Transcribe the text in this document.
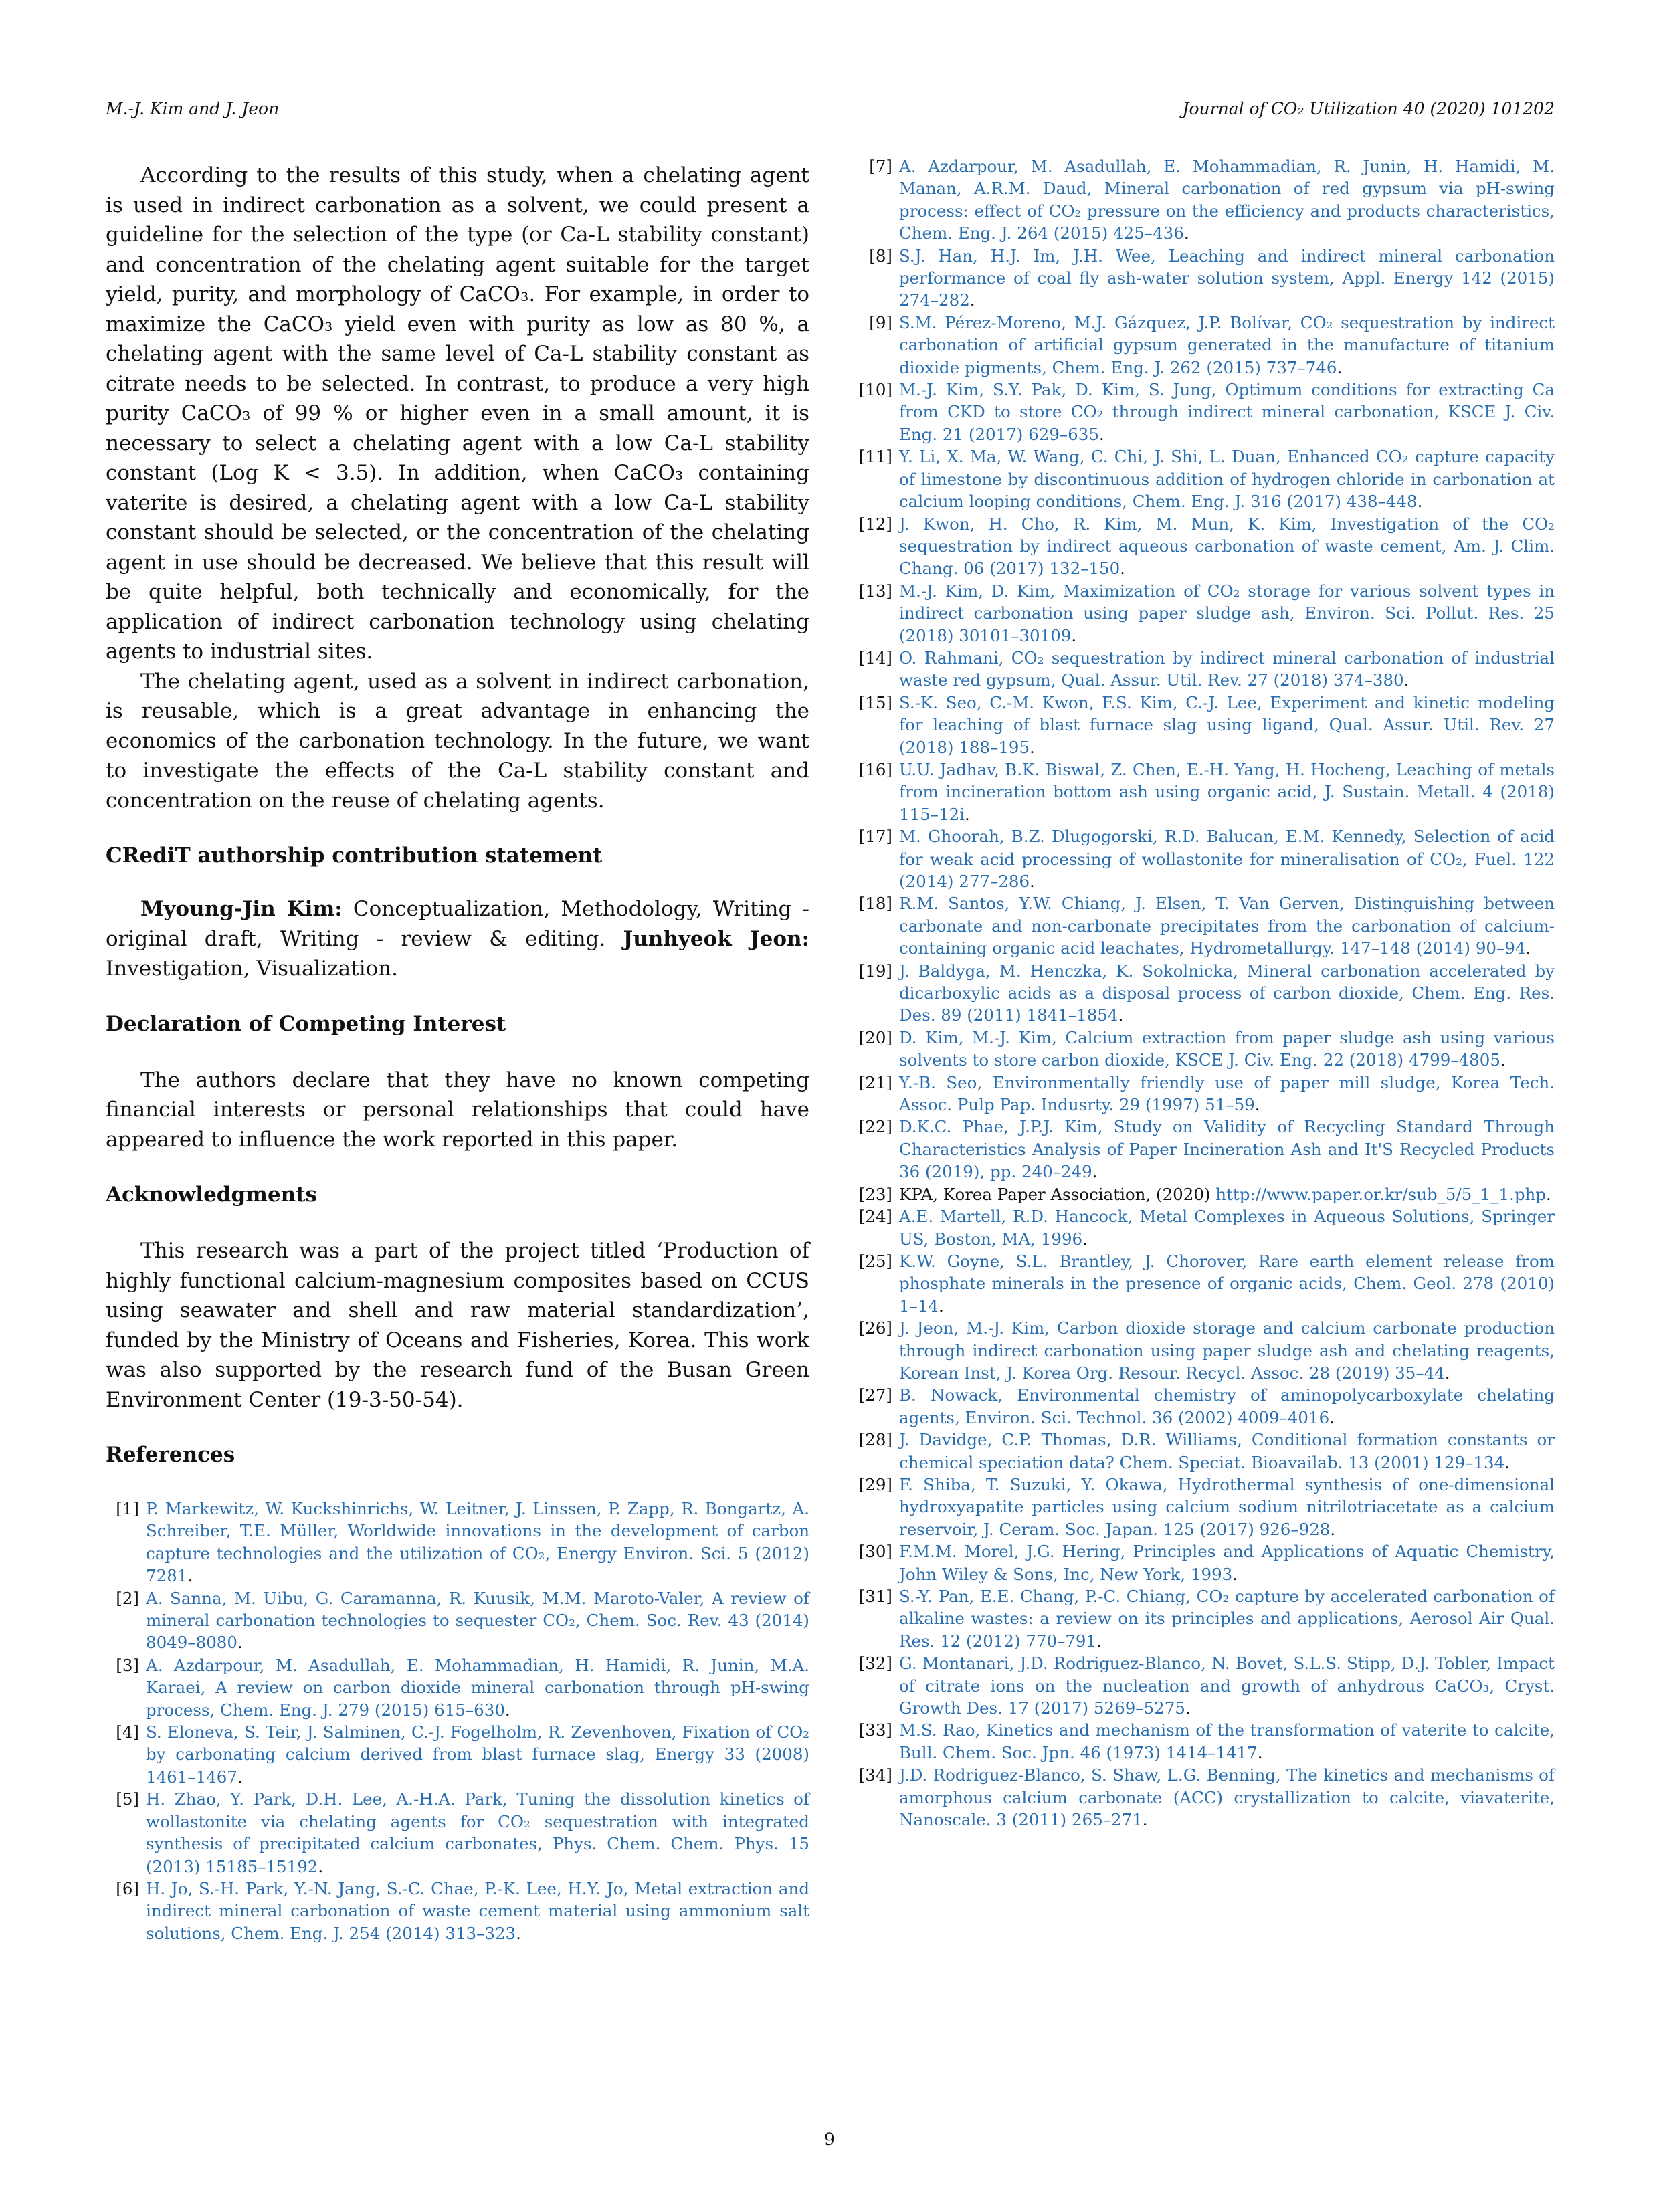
M.-J. Kim and J. Jeon	Journal of CO₂ Utilization 40 (2020) 101202

According to the results of this study, when a chelating agent is used in indirect carbonation as a solvent, we could present a guideline for the selection of the type (or Ca-L stability constant) and concentration of the chelating agent suitable for the target yield, purity, and morphology of CaCO₃. For example, in order to maximize the CaCO₃ yield even with purity as low as 80 %, a chelating agent with the same level of Ca-L stability constant as citrate needs to be selected. In contrast, to produce a very high purity CaCO₃ of 99 % or higher even in a small amount, it is necessary to select a chelating agent with a low Ca-L stability constant (Log K < 3.5). In addition, when CaCO₃ containing vaterite is desired, a chelating agent with a low Ca-L stability constant should be selected, or the concentration of the chelating agent in use should be decreased. We believe that this result will be quite helpful, both technically and economically, for the application of indirect carbonation technology using chelating agents to industrial sites.

The chelating agent, used as a solvent in indirect carbonation, is reusable, which is a great advantage in enhancing the economics of the carbonation technology. In the future, we want to investigate the effects of the Ca-L stability constant and concentration on the reuse of chelating agents.

CRediT authorship contribution statement

Myoung-Jin Kim: Conceptualization, Methodology, Writing - original draft, Writing - review & editing. Junhyeok Jeon: Investigation, Visualization.

Declaration of Competing Interest

The authors declare that they have no known competing financial interests or personal relationships that could have appeared to influence the work reported in this paper.

Acknowledgments

This research was a part of the project titled ‘Production of highly functional calcium-magnesium composites based on CCUS using seawater and shell and raw material standardization’, funded by the Ministry of Oceans and Fisheries, Korea. This work was also supported by the research fund of the Busan Green Environment Center (19-3-50-54).

References

[1] P. Markewitz, W. Kuckshinrichs, W. Leitner, J. Linssen, P. Zapp, R. Bongartz, A. Schreiber, T.E. Müller, Worldwide innovations in the development of carbon capture technologies and the utilization of CO₂, Energy Environ. Sci. 5 (2012) 7281.
[2] A. Sanna, M. Uibu, G. Caramanna, R. Kuusik, M.M. Maroto-Valer, A review of mineral carbonation technologies to sequester CO₂, Chem. Soc. Rev. 43 (2014) 8049–8080.
[3] A. Azdarpour, M. Asadullah, E. Mohammadian, H. Hamidi, R. Junin, M.A. Karaei, A review on carbon dioxide mineral carbonation through pH-swing process, Chem. Eng. J. 279 (2015) 615–630.
[4] S. Eloneva, S. Teir, J. Salminen, C.-J. Fogelholm, R. Zevenhoven, Fixation of CO₂ by carbonating calcium derived from blast furnace slag, Energy 33 (2008) 1461–1467.
[5] H. Zhao, Y. Park, D.H. Lee, A.-H.A. Park, Tuning the dissolution kinetics of wollastonite via chelating agents for CO₂ sequestration with integrated synthesis of precipitated calcium carbonates, Phys. Chem. Chem. Phys. 15 (2013) 15185–15192.
[6] H. Jo, S.-H. Park, Y.-N. Jang, S.-C. Chae, P.-K. Lee, H.Y. Jo, Metal extraction and indirect mineral carbonation of waste cement material using ammonium salt solutions, Chem. Eng. J. 254 (2014) 313–323.
[7] A. Azdarpour, M. Asadullah, E. Mohammadian, R. Junin, H. Hamidi, M. Manan, A.R.M. Daud, Mineral carbonation of red gypsum via pH-swing process: effect of CO₂ pressure on the efficiency and products characteristics, Chem. Eng. J. 264 (2015) 425–436.
[8] S.J. Han, H.J. Im, J.H. Wee, Leaching and indirect mineral carbonation performance of coal fly ash-water solution system, Appl. Energy 142 (2015) 274–282.
[9] S.M. Pérez-Moreno, M.J. Gázquez, J.P. Bolívar, CO₂ sequestration by indirect carbonation of artificial gypsum generated in the manufacture of titanium dioxide pigments, Chem. Eng. J. 262 (2015) 737–746.
[10] M.-J. Kim, S.Y. Pak, D. Kim, S. Jung, Optimum conditions for extracting Ca from CKD to store CO₂ through indirect mineral carbonation, KSCE J. Civ. Eng. 21 (2017) 629–635.
[11] Y. Li, X. Ma, W. Wang, C. Chi, J. Shi, L. Duan, Enhanced CO₂ capture capacity of limestone by discontinuous addition of hydrogen chloride in carbonation at calcium looping conditions, Chem. Eng. J. 316 (2017) 438–448.
[12] J. Kwon, H. Cho, R. Kim, M. Mun, K. Kim, Investigation of the CO₂ sequestration by indirect aqueous carbonation of waste cement, Am. J. Clim. Chang. 06 (2017) 132–150.
[13] M.-J. Kim, D. Kim, Maximization of CO₂ storage for various solvent types in indirect carbonation using paper sludge ash, Environ. Sci. Pollut. Res. 25 (2018) 30101–30109.
[14] O. Rahmani, CO₂ sequestration by indirect mineral carbonation of industrial waste red gypsum, Qual. Assur. Util. Rev. 27 (2018) 374–380.
[15] S.-K. Seo, C.-M. Kwon, F.S. Kim, C.-J. Lee, Experiment and kinetic modeling for leaching of blast furnace slag using ligand, Qual. Assur. Util. Rev. 27 (2018) 188–195.
[16] U.U. Jadhav, B.K. Biswal, Z. Chen, E.-H. Yang, H. Hocheng, Leaching of metals from incineration bottom ash using organic acid, J. Sustain. Metall. 4 (2018) 115–12i.
[17] M. Ghoorah, B.Z. Dlugogorski, R.D. Balucan, E.M. Kennedy, Selection of acid for weak acid processing of wollastonite for mineralisation of CO₂, Fuel. 122 (2014) 277–286.
[18] R.M. Santos, Y.W. Chiang, J. Elsen, T. Van Gerven, Distinguishing between carbonate and non-carbonate precipitates from the carbonation of calcium-containing organic acid leachates, Hydrometallurgy. 147–148 (2014) 90–94.
[19] J. Baldyga, M. Henczka, K. Sokolnicka, Mineral carbonation accelerated by dicarboxylic acids as a disposal process of carbon dioxide, Chem. Eng. Res. Des. 89 (2011) 1841–1854.
[20] D. Kim, M.-J. Kim, Calcium extraction from paper sludge ash using various solvents to store carbon dioxide, KSCE J. Civ. Eng. 22 (2018) 4799–4805.
[21] Y.-B. Seo, Environmentally friendly use of paper mill sludge, Korea Tech. Assoc. Pulp Pap. Indusrty. 29 (1997) 51–59.
[22] D.K.C. Phae, J.P.J. Kim, Study on Validity of Recycling Standard Through Characteristics Analysis of Paper Incineration Ash and It'S Recycled Products 36 (2019), pp. 240–249.
[23] KPA, Korea Paper Association, (2020) http://www.paper.or.kr/sub_5/5_1_1.php.
[24] A.E. Martell, R.D. Hancock, Metal Complexes in Aqueous Solutions, Springer US, Boston, MA, 1996.
[25] K.W. Goyne, S.L. Brantley, J. Chorover, Rare earth element release from phosphate minerals in the presence of organic acids, Chem. Geol. 278 (2010) 1–14.
[26] J. Jeon, M.-J. Kim, Carbon dioxide storage and calcium carbonate production through indirect carbonation using paper sludge ash and chelating reagents, Korean Inst, J. Korea Org. Resour. Recycl. Assoc. 28 (2019) 35–44.
[27] B. Nowack, Environmental chemistry of aminopolycarboxylate chelating agents, Environ. Sci. Technol. 36 (2002) 4009–4016.
[28] J. Davidge, C.P. Thomas, D.R. Williams, Conditional formation constants or chemical speciation data? Chem. Speciat. Bioavailab. 13 (2001) 129–134.
[29] F. Shiba, T. Suzuki, Y. Okawa, Hydrothermal synthesis of one-dimensional hydroxyapatite particles using calcium sodium nitrilotriacetate as a calcium reservoir, J. Ceram. Soc. Japan. 125 (2017) 926–928.
[30] F.M.M. Morel, J.G. Hering, Principles and Applications of Aquatic Chemistry, John Wiley & Sons, Inc, New York, 1993.
[31] S.-Y. Pan, E.E. Chang, P.-C. Chiang, CO₂ capture by accelerated carbonation of alkaline wastes: a review on its principles and applications, Aerosol Air Qual. Res. 12 (2012) 770–791.
[32] G. Montanari, J.D. Rodriguez-Blanco, N. Bovet, S.L.S. Stipp, D.J. Tobler, Impact of citrate ions on the nucleation and growth of anhydrous CaCO₃, Cryst. Growth Des. 17 (2017) 5269–5275.
[33] M.S. Rao, Kinetics and mechanism of the transformation of vaterite to calcite, Bull. Chem. Soc. Jpn. 46 (1973) 1414–1417.
[34] J.D. Rodriguez-Blanco, S. Shaw, L.G. Benning, The kinetics and mechanisms of amorphous calcium carbonate (ACC) crystallization to calcite, viavaterite, Nanoscale. 3 (2011) 265–271.
9
